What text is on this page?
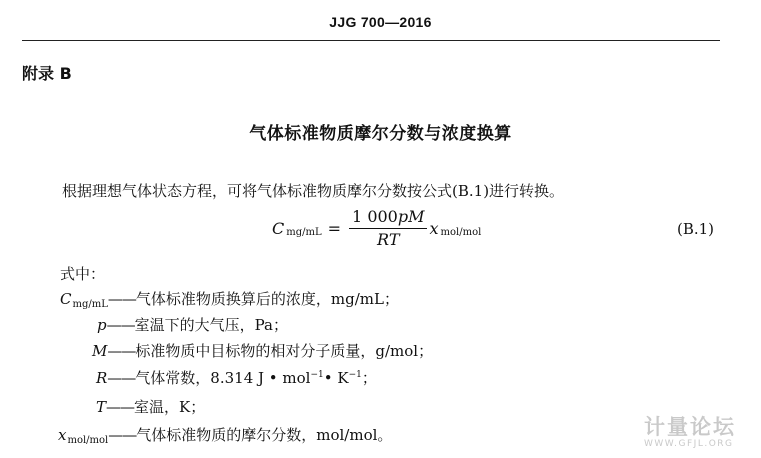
JJG 700—2016
附录 B
气体标准物质摩尔分数与浓度换算
根据理想气体状态方程，可将气体标准物质摩尔分数按公式(B.1)进行转换。
C $mg/mL = \frac{1 000pM}{RT}$ x mol/mol	(B.1)
式中：
C mg/mL —— 气体标准物质换算后的浓度，mg/mL；
p —— 室温下的大气压，Pa；
M —— 标准物质中目标物的相对分子质量，g/mol；
R —— 气体常数，8.314 J • mol −1 • K −1 ；
T —— 室温，K；
x mol/mol —— 气体标准物质的摩尔分数，mol/mol。	计量论坛
WWW.GFJL.ORG
